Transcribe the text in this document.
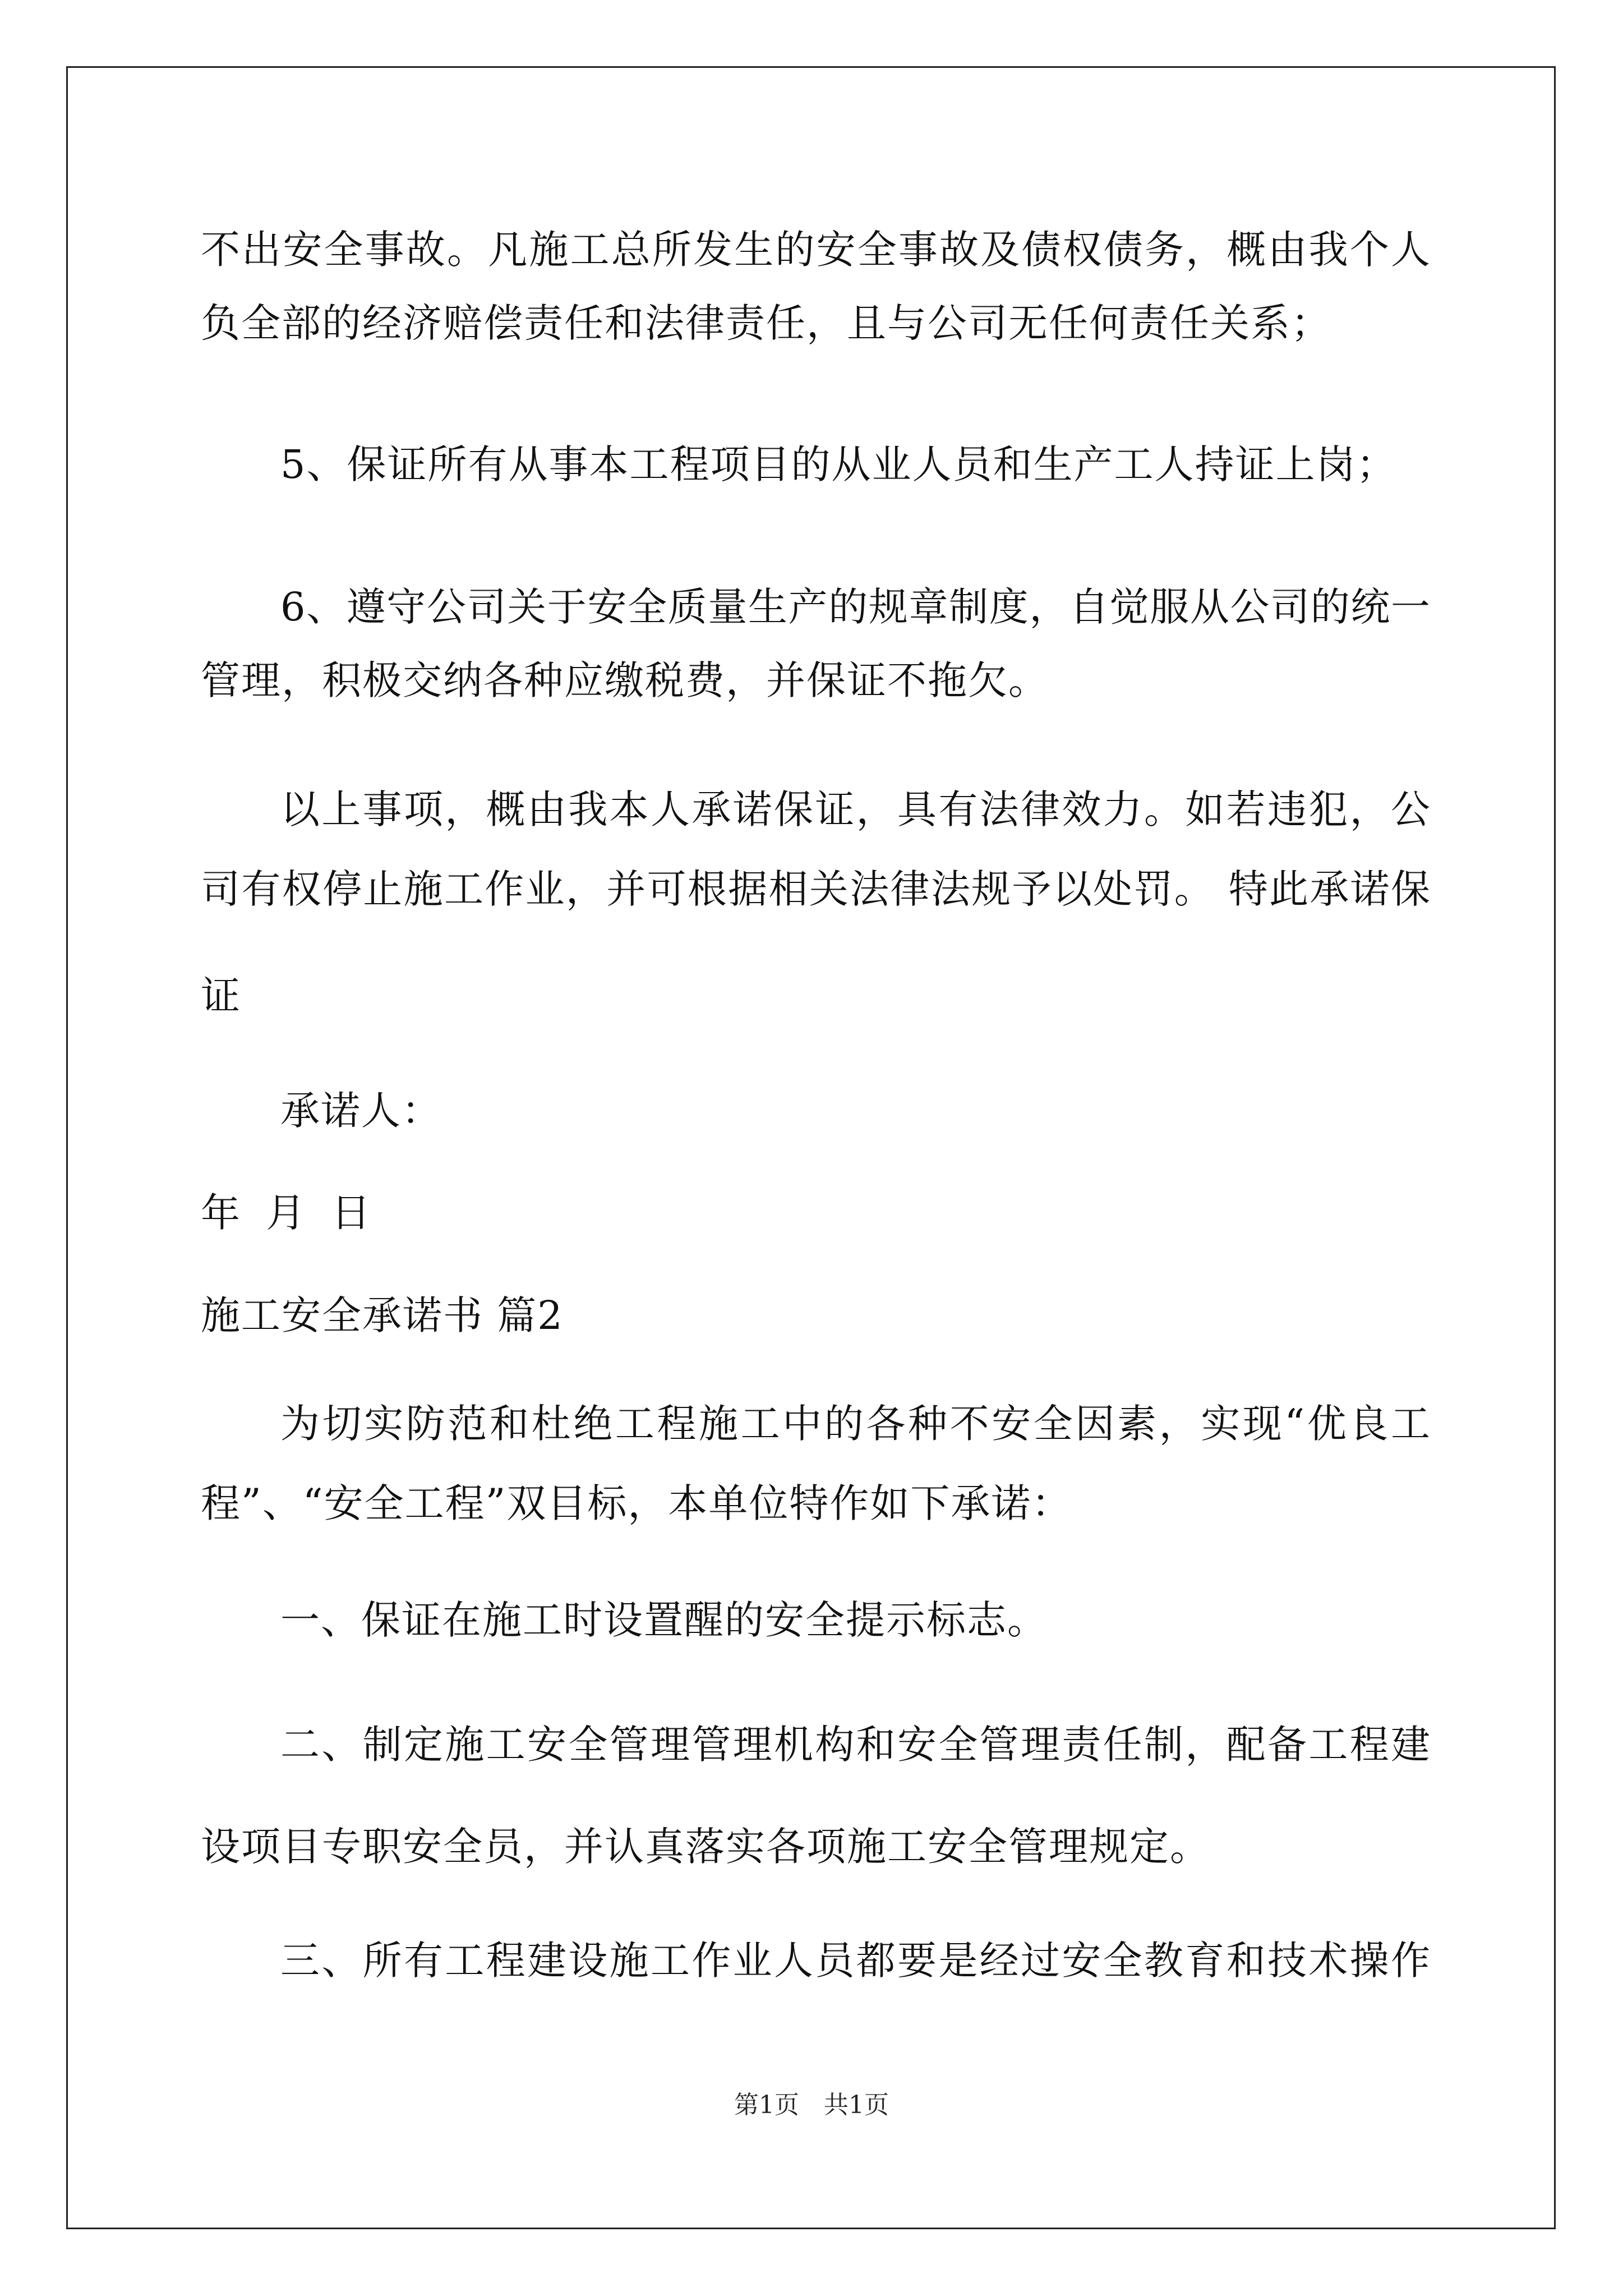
不出安全事故。凡施工总所发生的安全事故及债权债务，概由我个人
负全部的经济赔偿责任和法律责任，且与公司无任何责任关系；
5、保证所有从事本工程项目的从业人员和生产工人持证上岗；
6、遵守公司关于安全质量生产的规章制度，自觉服从公司的统一
管理，积极交纳各种应缴税费，并保证不拖欠。
以上事项，概由我本人承诺保证，具有法律效力。如若违犯，公
司有权停止施工作业，并可根据相关法律法规予以处罚。 特此承诺保
证
承诺人：
年 月 日
施工安全承诺书 篇2
为切实防范和杜绝工程施工中的各种不安全因素，实现“优良工
程”、“安全工程”双目标，本单位特作如下承诺：
一、保证在施工时设置醒的安全提示标志。
二、制定施工安全管理管理机构和安全管理责任制，配备工程建
设项目专职安全员，并认真落实各项施工安全管理规定。
三、所有工程建设施工作业人员都要是经过安全教育和技术操作
第1页　共1页
